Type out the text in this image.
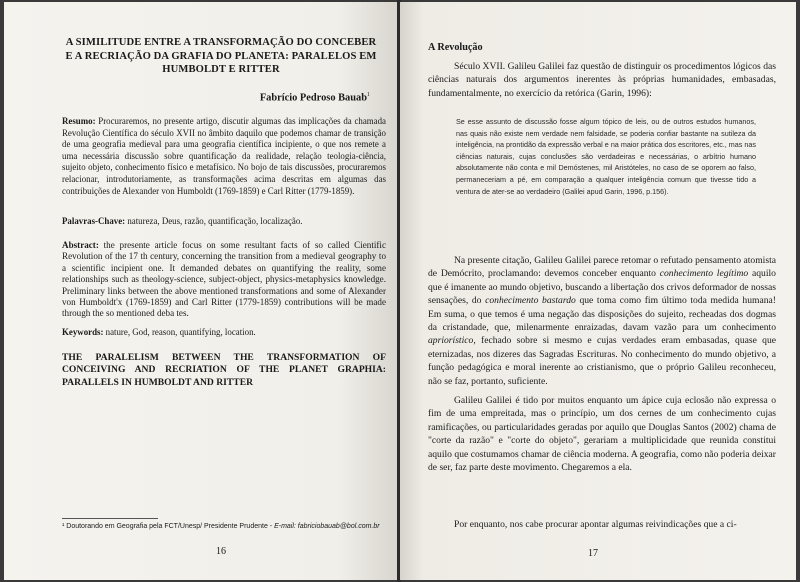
A SIMILITUDE ENTRE A TRANSFORMAÇÃO DO CONCEBER E A RECRIAÇÃO DA GRAFIA DO PLANETA: PARALELOS EM HUMBOLDT E RITTER
Fabrício Pedroso Bauab$^1$
Resumo: Procuraremos, no presente artigo, discutir algumas das implicações da chamada Revolução Científica do século XVII no âmbito daquilo que podemos chamar de transição de uma geografia medieval para uma geografia científica incipiente, o que nos remete a uma necessária discussão sobre quantificação da realidade, relação teologia-ciência, sujeito objeto, conhecimento físico e metafísico. No bojo de tais discussões, procuraremos relacionar, introdutoriamente, as transformações acima descritas em algumas das contribuições de Alexander von Humboldt (1769-1859) e Carl Ritter (1779-1859).
Palavras-Chave: natureza, Deus, razão, quantificação, localização.
Abstract: the presente article focus on some resultant facts of so called Cientific Revolution of the 17 th century, concerning the transition from a medieval geography to a scientific incipient one. It demanded debates on quantifying the reality, some relationships such as theology-science, subject-object, physics-metaphysics knowledge. Preliminary links between the above mentioned transformations and some of Alexander von Humboldt'x (1769-1859) and Carl Ritter (1779-1859) contributions will be made through the so mentioned deba tes.
Keywords: nature, God, reason, quantifying, location.
THE PARALELISM BETWEEN THE TRANSFORMATION OF CONCEIVING AND RECRIATION OF THE PLANET GRAPHIA: PARALLELS IN HUMBOLDT AND RITTER
¹ Doutorando em Geografia pela FCT/Unesp/ Presidente Prudente - E-mail: fabriciobauab@bol.com.br
16
A Revolução
Século XVII. Galileu Galilei faz questão de distinguir os procedimentos lógicos das ciências naturais dos argumentos inerentes às próprias humanidades, embasadas, fundamentalmente, no exercício da retórica (Garin, 1996):
Se esse assunto de discussão fosse algum tópico de leis, ou de outros estudos humanos, nas quais não existe nem verdade nem falsidade, se poderia confiar bastante na sutileza da inteligência, na prontidão da expressão verbal e na maior prática dos escritores, etc., mas nas ciências naturais, cujas conclusões são verdadeiras e necessárias, o arbítrio humano absolutamente não conta e mil Demóstenes, mil Aristóteles, no caso de se oporem ao falso, permaneceriam a pé, em comparação a qualquer inteligência comum que tivesse tido a ventura de ater-se ao verdadeiro (Galilei apud Garin, 1996, p.156).
Na presente citação, Galileu Galilei parece retomar o refutado pensamento atomista de Demócrito, proclamando: devemos conceber enquanto conhecimento legítimo aquilo que é imanente ao mundo objetivo, buscando a libertação dos crivos deformador de nossas sensações, do conhecimento bastardo que toma como fim último toda medida humana! Em suma, o que temos é uma negação das disposições do sujeito, recheadas dos dogmas da cristandade, que, milenarmente enraizadas, davam vazão para um conhecimento apriorístico, fechado sobre si mesmo e cujas verdades eram embasadas, quase que eternizadas, nos dizeres das Sagradas Escrituras. No conhecimento do mundo objetivo, a função pedagógica e moral inerente ao cristianismo, que o próprio Galileu reconheceu, não se faz, portanto, suficiente.
Galileu Galilei é tido por muitos enquanto um ápice cuja eclosão não expressa o fim de uma empreitada, mas o princípio, um dos cernes de um conhecimento cujas ramificações, ou particularidades geradas por aquilo que Douglas Santos (2002) chama de "corte da razão" e "corte do objeto", gerariam a multiplicidade que reunida constitui aquilo que costumamos chamar de ciência moderna. A geografia, como não poderia deixar de ser, faz parte deste movimento. Chegaremos a ela.
Por enquanto, nos cabe procurar apontar algumas reivindicações que a ci-
17
